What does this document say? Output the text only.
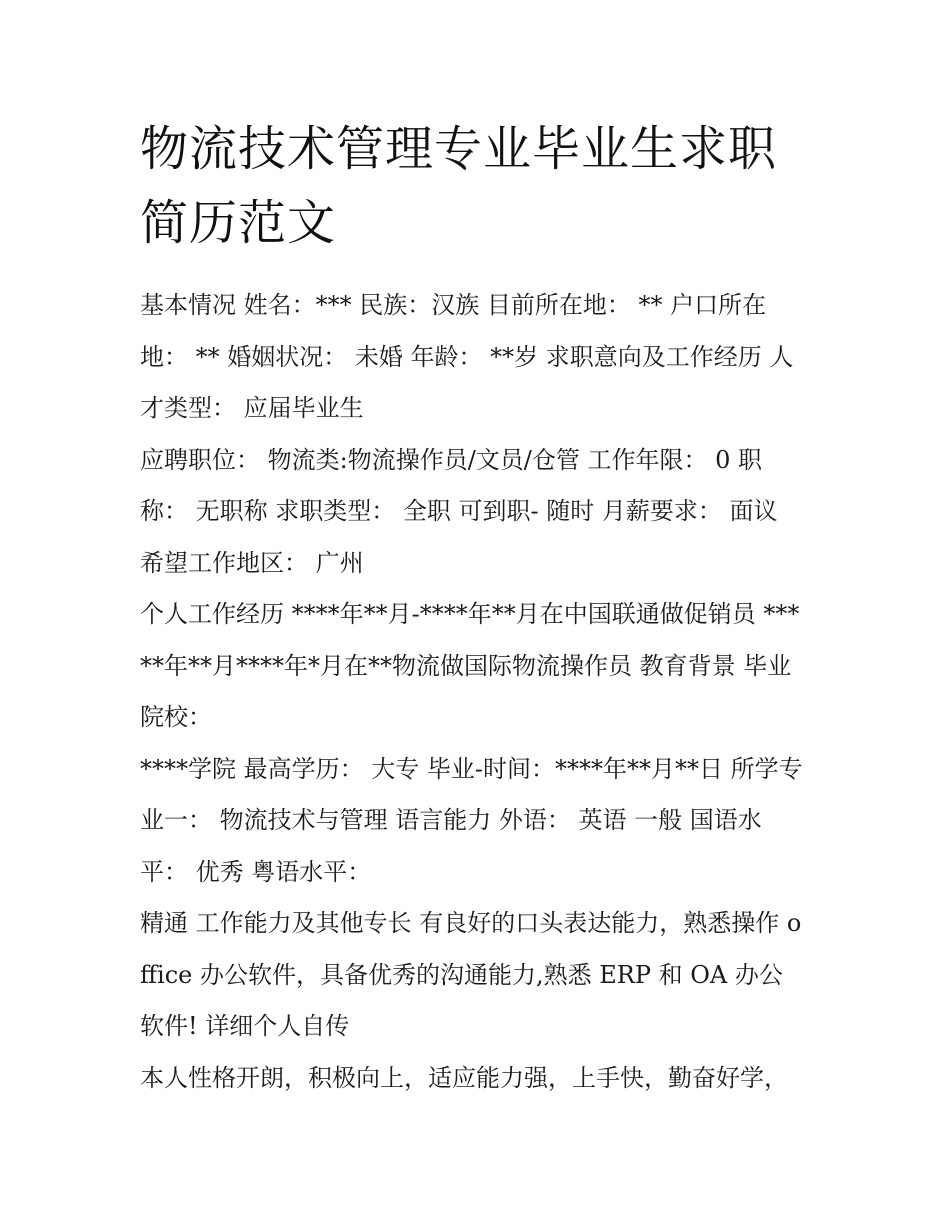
物流技术管理专业毕业生求职简历范文

基本情况 姓名：*** 民族：汉族 目前所在地： ** 户口所在地： ** 婚姻状况： 未婚 年龄： **岁 求职意向及工作经历 人才类型： 应届毕业生

应聘职位： 物流类:物流操作员/文员/仓管 工作年限： 0 职称： 无职称 求职类型： 全职 可到职- 随时 月薪要求： 面议 希望工作地区： 广州

个人工作经历 ****年**月-****年**月在中国联通做促销员 *****年**月****年*月在**物流做国际物流操作员 教育背景 毕业院校：

****学院 最高学历： 大专 毕业-时间：****年**月**日 所学专业一： 物流技术与管理 语言能力 外语： 英语 一般 国语水平： 优秀 粤语水平：

精通 工作能力及其他专长 有良好的口头表达能力，熟悉操作 office 办公软件，具备优秀的沟通能力,熟悉 ERP 和 OA 办公软件! 详细个人自传

本人性格开朗，积极向上，适应能力强，上手快，勤奋好学，
